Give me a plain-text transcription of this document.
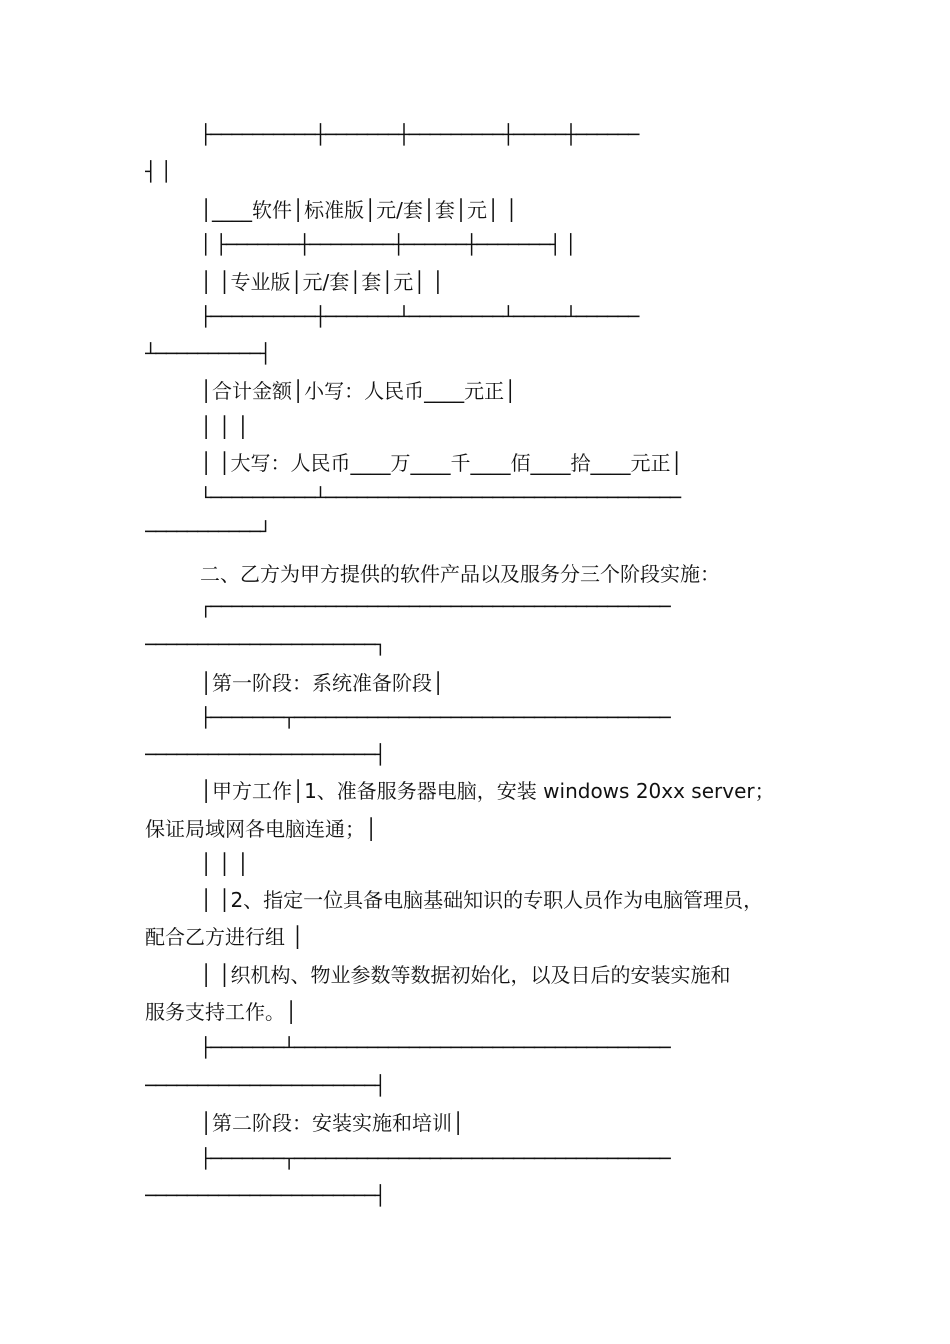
├──────────┼───────┼─────────┼─────┼──────
┤ │
│____软件│标准版│元/套│套│元│ │
│ ├───────┼────────┼──────┼───────┤ │
│ │专业版│元/套│套│元│ │
├──────────┼───────┴─────────┴─────┴──────
┴──────────┤
│合计金额│小写：人民币____元正│
│ │ │
│ │大写：人民币____万____千____佰____拾____元正│
└──────────┴──────────────────────────────────
───────────┘
二、乙方为甲方提供的软件产品以及服务分三个阶段实施：
┌────────────────────────────────────────────
──────────────────────┐
│第一阶段：系统准备阶段│
├───────┬────────────────────────────────────
──────────────────────┤
│甲方工作│1、准备服务器电脑，安装 windows 20xx server；
保证局域网各电脑连通；│
│ │ │
│ │2、指定一位具备电脑基础知识的专职人员作为电脑管理员，
配合乙方进行组 │
│ │织机构、物业参数等数据初始化，以及日后的安装实施和
服务支持工作。│
├───────┴────────────────────────────────────
──────────────────────┤
│第二阶段：安装实施和培训│
├───────┬────────────────────────────────────
──────────────────────┤
